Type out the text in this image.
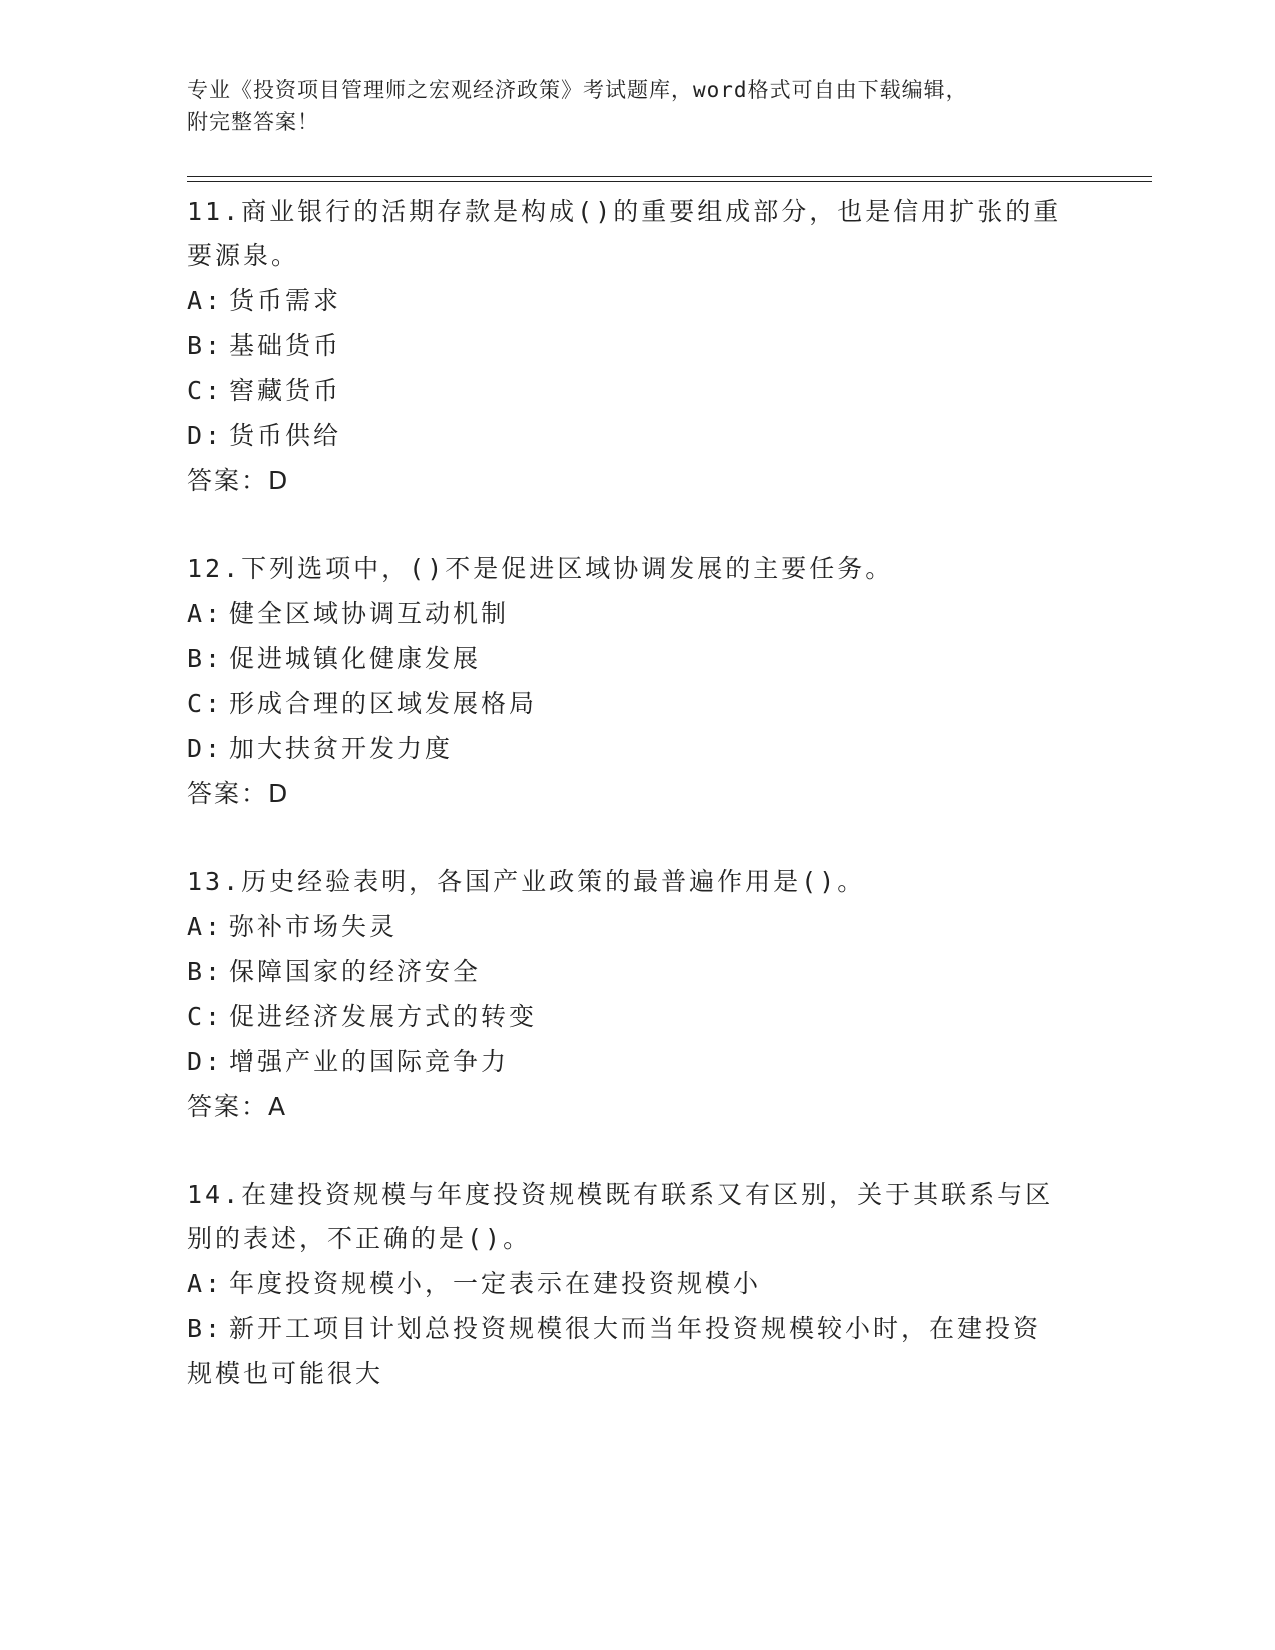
专业《投资项目管理师之宏观经济政策》考试题库，word格式可自由下载编辑，
附完整答案！

11.商业银行的活期存款是构成()的重要组成部分，也是信用扩张的重要源泉。

A: 货币需求

B: 基础货币

C: 窖藏货币

D: 货币供给

答案：D

12.下列选项中，()不是促进区域协调发展的主要任务。

A: 健全区域协调互动机制

B: 促进城镇化健康发展

C: 形成合理的区域发展格局

D: 加大扶贫开发力度

答案：D

13.历史经验表明，各国产业政策的最普遍作用是()。

A: 弥补市场失灵

B: 保障国家的经济安全

C: 促进经济发展方式的转变

D: 增强产业的国际竞争力

答案：A

14.在建投资规模与年度投资规模既有联系又有区别，关于其联系与区别的表述，不正确的是()。

A: 年度投资规模小，一定表示在建投资规模小

B: 新开工项目计划总投资规模很大而当年投资规模较小时，在建投资规模也可能很大
